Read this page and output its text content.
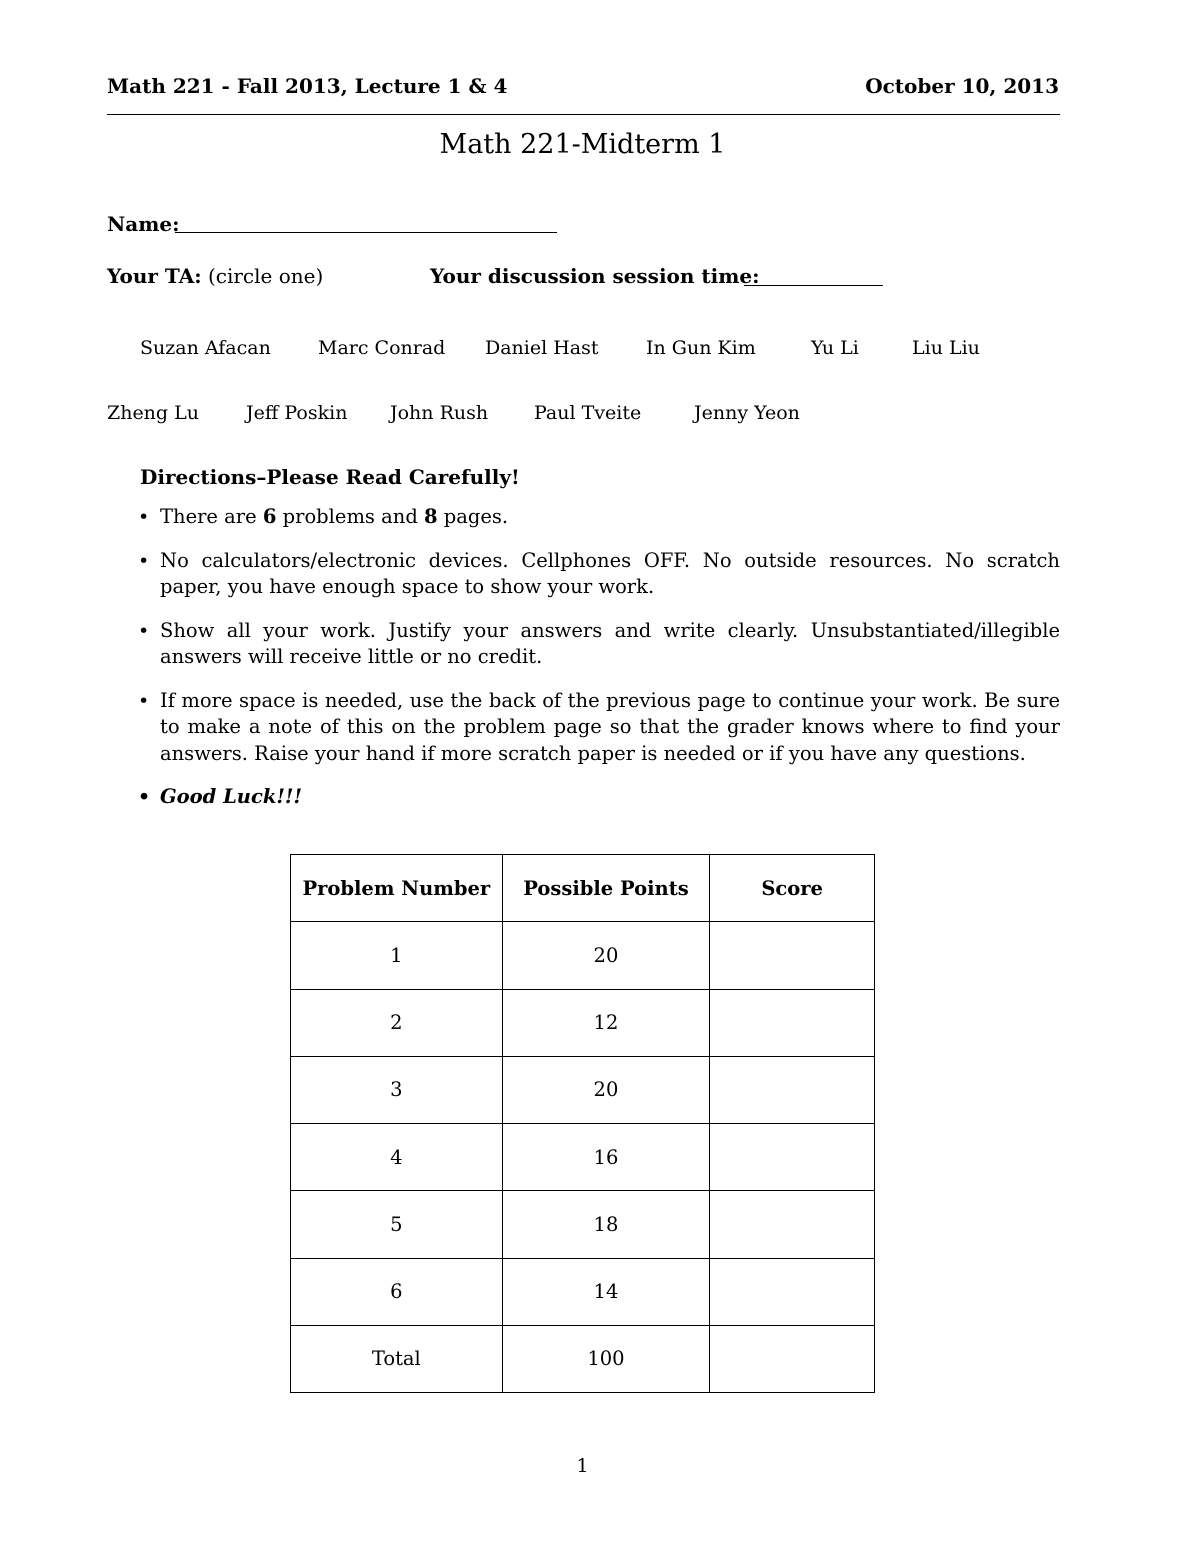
Math 221 - Fall 2013, Lecture 1 & 4	October 10, 2013
Math 221-Midterm 1
Name:
Your TA: (circle one)	Your discussion session time:
Suzan Afacan Marc Conrad Daniel Hast In Gun Kim	Yu Li	Liu Liu
Zheng Lu Jeff Poskin John Rush Paul Tveite	Jenny Yeon
Directions–Please Read Carefully!
• There are 6 problems and 8 pages.
• No calculators/electronic devices. Cellphones OFF. No outside resources. No scratch paper, you have enough space to show your work.
• Show all your work. Justify your answers and write clearly. Unsubstantiated/illegible answers will receive little or no credit.
• If more space is needed, use the back of the previous page to continue your work. Be sure to make a note of this on the problem page so that the grader knows where to find your answers. Raise your hand if more scratch paper is needed or if you have any questions.
• Good Luck!!!
Problem Number	Possible Points	Score
1	20	
2	12	
3	20	
4	16	
5	18	
6	14	
Total	100	
1
